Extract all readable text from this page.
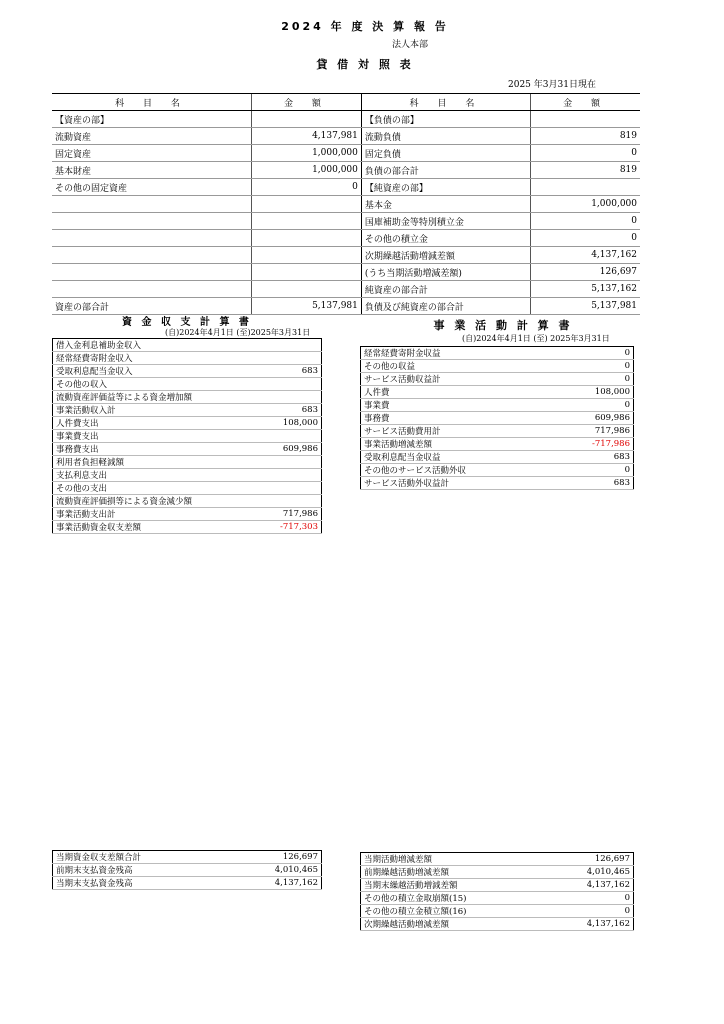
2024 年 度 決 算 報 告
法人本部
貸 借 対 照 表
2025 年3月31日現在
科 目 名	金 額	科 目 名	金 額
【資産の部】		【負債の部】	
流動資産	4,137,981	流動負債	819
固定資産	1,000,000	固定負債	0
基本財産	1,000,000	負債の部合計	819
その他の固定資産	0	【純資産の部】	
		基本金	1,000,000
		国庫補助金等特別積立金	0
		その他の積立金	0
		次期繰越活動増減差額	4,137,162
		(うち当期活動増減差額)	126,697
		純資産の部合計	5,137,162
資産の部合計	5,137,981	負債及び純資産の部合計	5,137,981
資 金 収 支 計 算 書
(自)2024年4月1日 (至)2025年3月31日
借入金利息補助金収入	
経常経費寄附金収入	
受取利息配当金収入	683
その他の収入	
流動資産評価益等による資金増加額	
事業活動収入計	683
人件費支出	108,000
事業費支出	
事務費支出	609,986
利用者負担軽減額	
支払利息支出	
その他の支出	
流動資産評価損等による資金減少額	
事業活動支出計	717,986
事業活動資金収支差額	-717,303
当期資金収支差額合計	126,697
前期末支払資金残高	4,010,465
当期末支払資金残高	4,137,162
事 業 活 動 計 算 書
(自)2024年4月1日 (至) 2025年3月31日
経常経費寄附金収益	0
その他の収益	0
サービス活動収益計	0
人件費	108,000
事業費	0
事務費	609,986
サービス活動費用計	717,986
事業活動増減差額	-717,986
受取利息配当金収益	683
その他のサービス活動外収	0
サービス活動外収益計	683
当期活動増減差額	126,697
前期繰越活動増減差額	4,010,465
当期末繰越活動増減差額	4,137,162
その他の積立金取崩額(15)	0
その他の積立金積立額(16)	0
次期繰越活動増減差額	4,137,162
